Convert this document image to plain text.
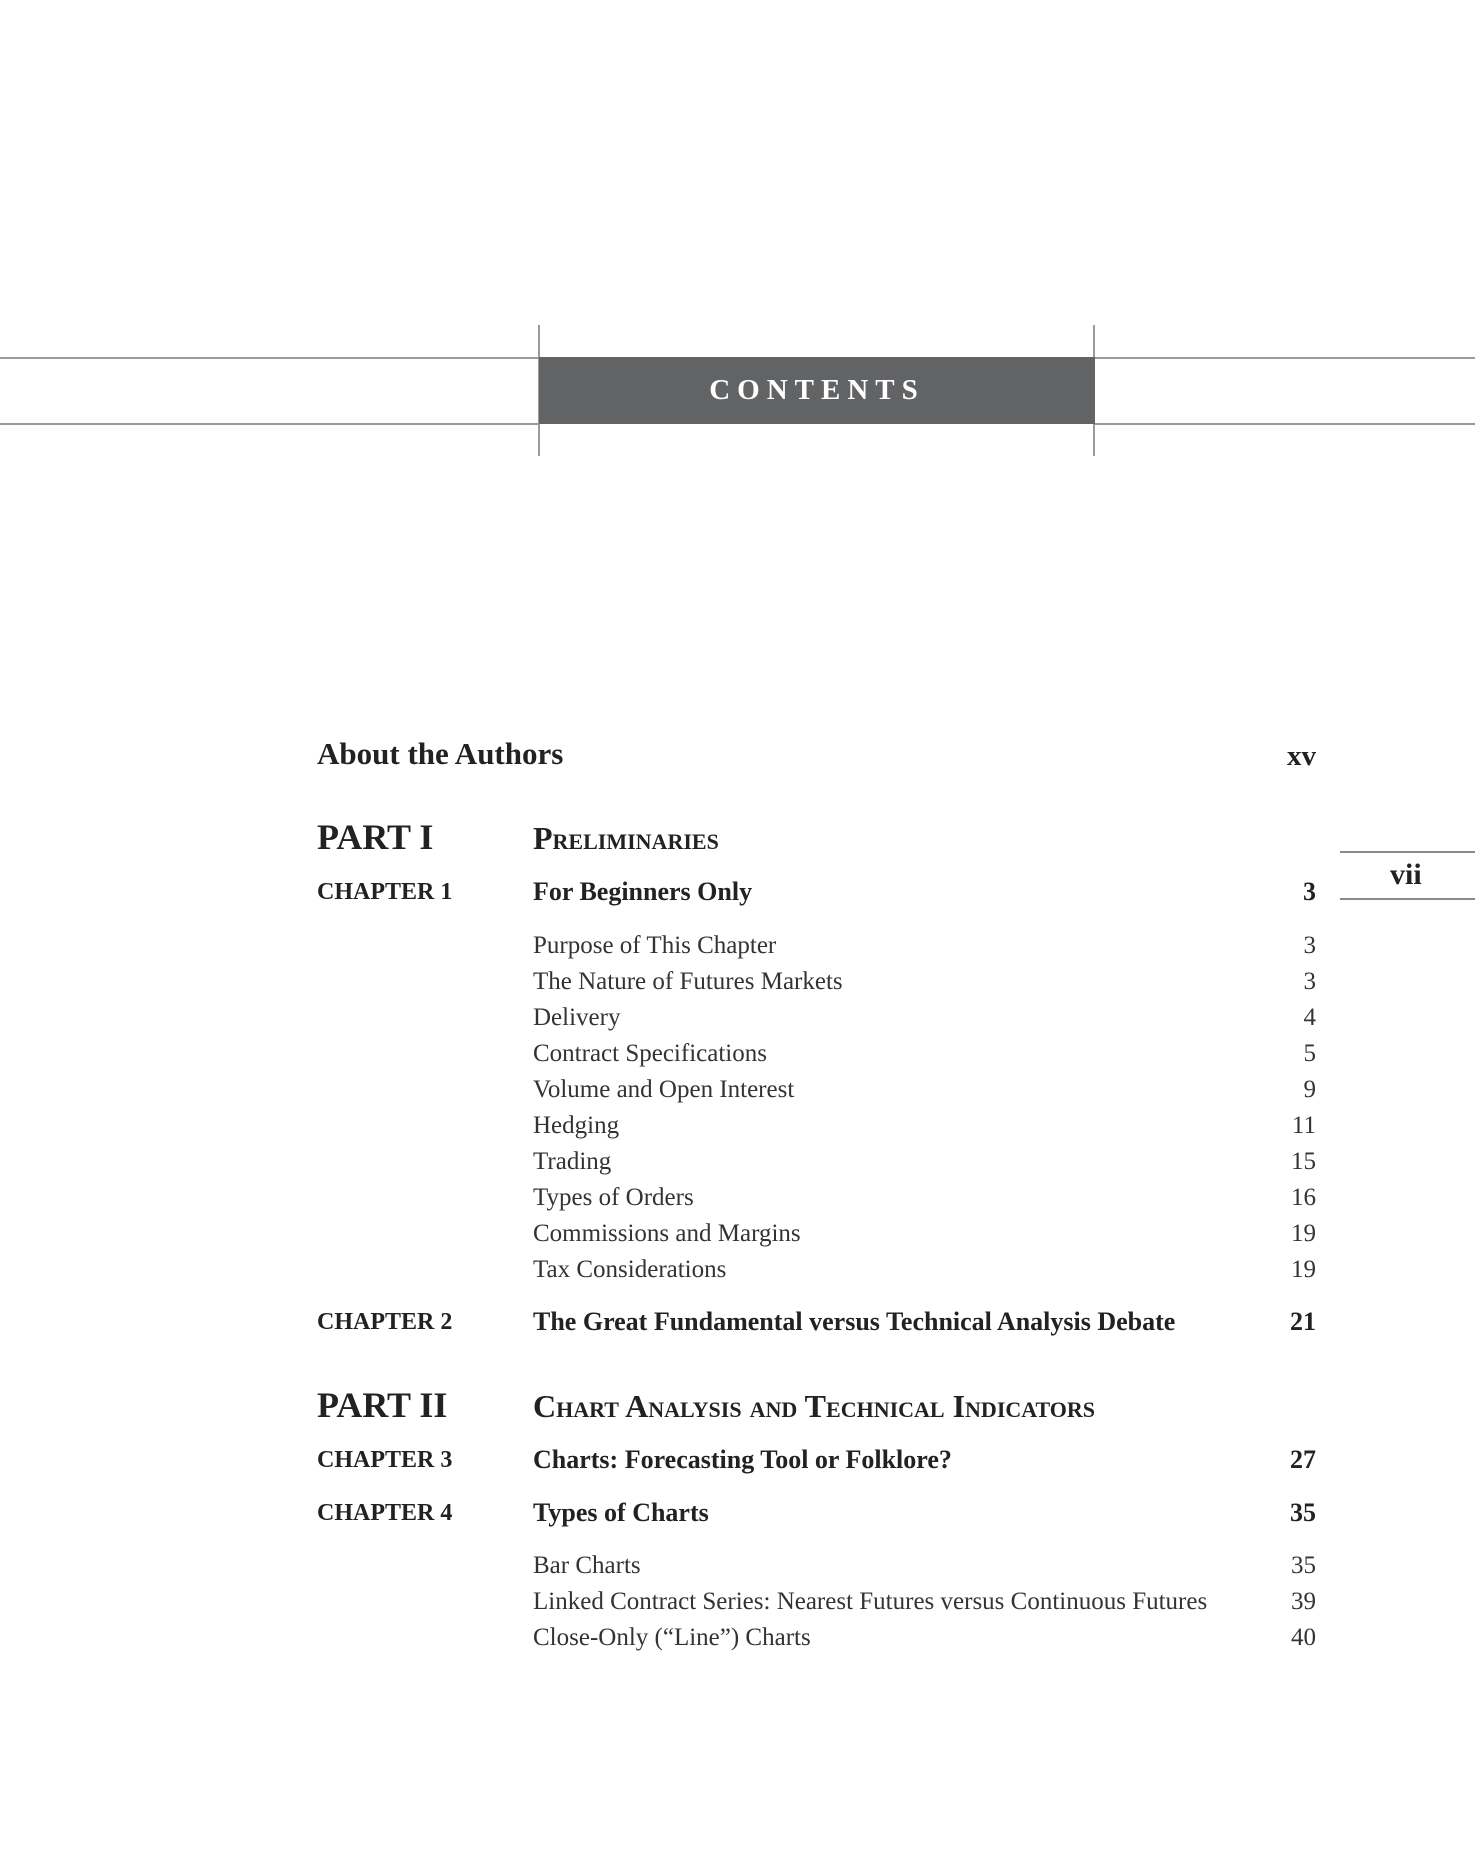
CONTENTS
vii
About the Authors	xv
PART I	Preliminaries
CHAPTER 1	For Beginners Only	3
Purpose of This Chapter	3
The Nature of Futures Markets	3
Delivery	4
Contract Specifications	5
Volume and Open Interest	9
Hedging	11
Trading	15
Types of Orders	16
Commissions and Margins	19
Tax Considerations	19
CHAPTER 2	The Great Fundamental versus Technical Analysis Debate	21
PART II	Chart Analysis and Technical Indicators
CHAPTER 3	Charts: Forecasting Tool or Folklore?	27
CHAPTER 4	Types of Charts	35
Bar Charts	35
Linked Contract Series: Nearest Futures versus Continuous Futures	39
Close-Only (“Line”) Charts	40
